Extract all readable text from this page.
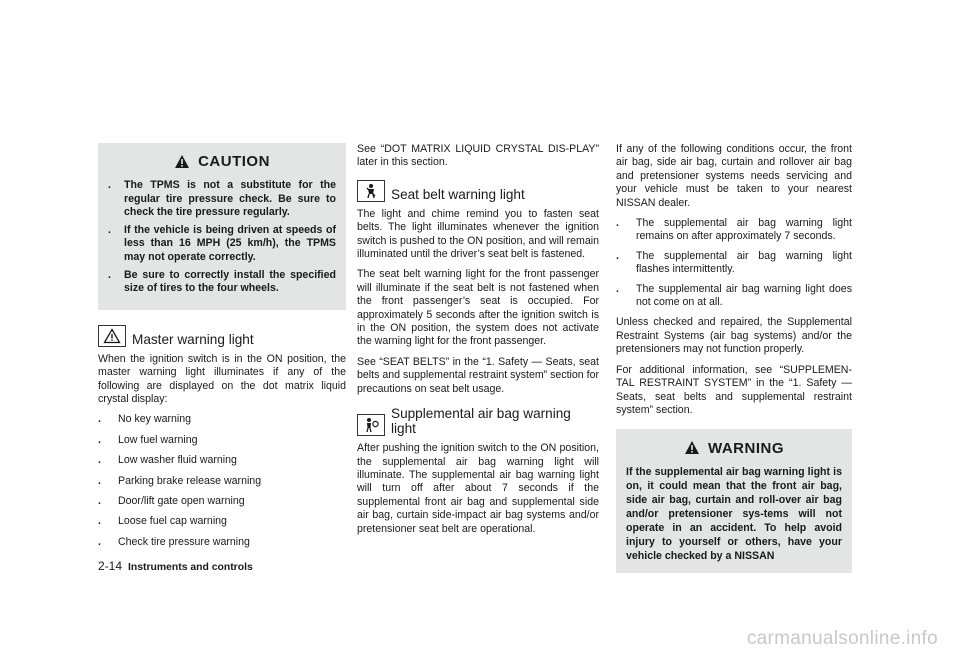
CAUTION
.	The TPMS is not a substitute for the regular tire pressure check. Be sure to check the tire pressure regularly.
.	If the vehicle is being driven at speeds of less than 16 MPH (25 km/h), the TPMS may not operate correctly.
.	Be sure to correctly install the specified size of tires to the four wheels.
Master warning light

When the ignition switch is in the ON position, the master warning light illuminates if any of the following are displayed on the dot matrix liquid crystal display:

.	No key warning
.	Low fuel warning
.	Low washer fluid warning
.	Parking brake release warning
.	Door/lift gate open warning
.	Loose fuel cap warning
.	Check tire pressure warning

See “DOT MATRIX LIQUID CRYSTAL DIS-PLAY” later in this section.

Seat belt warning light

The light and chime remind you to fasten seat belts. The light illuminates whenever the ignition switch is pushed to the ON position, and will remain illuminated until the driver’s seat belt is fastened.

The seat belt warning light for the front passenger will illuminate if the seat belt is not fastened when the front passenger’s seat is occupied. For approximately 5 seconds after the ignition switch is in the ON position, the system does not activate the warning light for the front passenger.

See “SEAT BELTS” in the “1. Safety — Seats, seat belts and supplemental restraint system” section for precautions on seat belt usage.

Supplemental air bag warning light

After pushing the ignition switch to the ON position, the supplemental air bag warning light will illuminate. The supplemental air bag warning light will turn off after about 7 seconds if the supplemental front air bag and supplemental side air bag, curtain side-impact air bag systems and/or pretensioner seat belt are operational.

If any of the following conditions occur, the front air bag, side air bag, curtain and rollover air bag and pretensioner systems needs servicing and your vehicle must be taken to your nearest NISSAN dealer.

.	The supplemental air bag warning light remains on after approximately 7 seconds.
.	The supplemental air bag warning light flashes intermittently.
.	The supplemental air bag warning light does not come on at all.

Unless checked and repaired, the Supplemental Restraint Systems (air bag systems) and/or the pretensioners may not function properly.

For additional information, see “SUPPLEMEN-TAL RESTRAINT SYSTEM” in the “1. Safety — Seats, seat belts and supplemental restraint system” section.

WARNING
If the supplemental air bag warning light is on, it could mean that the front air bag, side air bag, curtain and roll-over air bag and/or pretensioner sys-tems will not operate in an accident. To help avoid injury to yourself or others, have your vehicle checked by a NISSAN
2-14 Instruments and controls
carmanualsonline.info
